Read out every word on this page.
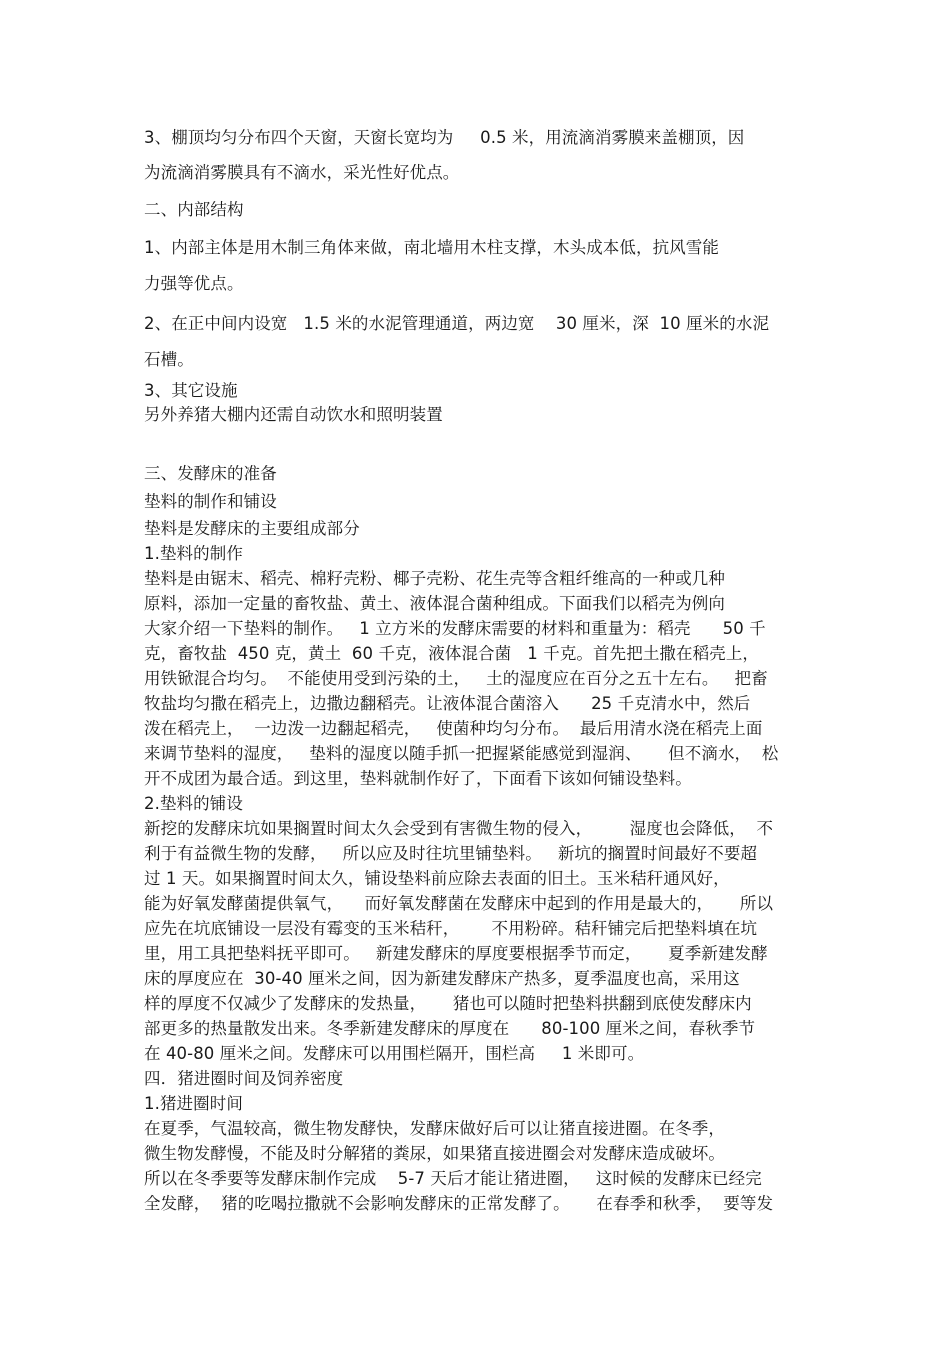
3、棚顶均匀分布四个天窗，天窗长宽均为     0.5 米，用流滴消雾膜来盖棚顶，因
为流滴消雾膜具有不滴水，采光性好优点。
二、内部结构
1、内部主体是用木制三角体来做，南北墙用木柱支撑，木头成本低，抗风雪能
力强等优点。
2、在正中间内设宽   1.5 米的水泥管理通道，两边宽    30 厘米，深  10 厘米的水泥
石槽。
3、其它设施
另外养猪大棚内还需自动饮水和照明装置
三、发酵床的准备
垫料的制作和铺设
垫料是发酵床的主要组成部分
1.垫料的制作
垫料是由锯末、稻壳、棉籽壳粉、椰子壳粉、花生壳等含粗纤维高的一种或几种
原料，添加一定量的畜牧盐、黄土、液体混合菌种组成。下面我们以稻壳为例向
大家介绍一下垫料的制作。   1 立方米的发酵床需要的材料和重量为：稻壳      50 千
克，畜牧盐  450 克，黄土  60 千克，液体混合菌   1 千克。首先把土撒在稻壳上，
用铁锨混合均匀。  不能使用受到污染的土，   土的湿度应在百分之五十左右。   把畜
牧盐均匀撒在稻壳上，边撒边翻稻壳。让液体混合菌溶入      25 千克清水中，然后
泼在稻壳上，  一边泼一边翻起稻壳，   使菌种均匀分布。  最后用清水浇在稻壳上面
来调节垫料的湿度，   垫料的湿度以随手抓一把握紧能感觉到湿润、     但不滴水，  松
开不成团为最合适。到这里，垫料就制作好了，下面看下该如何铺设垫料。
2.垫料的铺设
新挖的发酵床坑如果搁置时间太久会受到有害微生物的侵入，       湿度也会降低，  不
利于有益微生物的发酵，   所以应及时往坑里铺垫料。   新坑的搁置时间最好不要超
过 1 天。如果搁置时间太久，铺设垫料前应除去表面的旧土。玉米秸秆通风好，
能为好氧发酵菌提供氧气，    而好氧发酵菌在发酵床中起到的作用是最大的，     所以
应先在坑底铺设一层没有霉变的玉米秸秆，      不用粉碎。秸秆铺完后把垫料填在坑
里，用工具把垫料抚平即可。   新建发酵床的厚度要根据季节而定，     夏季新建发酵
床的厚度应在  30-40 厘米之间，因为新建发酵床产热多，夏季温度也高，采用这
样的厚度不仅减少了发酵床的发热量，     猪也可以随时把垫料拱翻到底使发酵床内
部更多的热量散发出来。冬季新建发酵床的厚度在      80-100 厘米之间，春秋季节
在 40-80 厘米之间。发酵床可以用围栏隔开，围栏高     1 米即可。
四．猪进圈时间及饲养密度
1.猪进圈时间
在夏季，气温较高，微生物发酵快，发酵床做好后可以让猪直接进圈。在冬季，
微生物发酵慢，不能及时分解猪的粪尿，如果猪直接进圈会对发酵床造成破坏。
所以在冬季要等发酵床制作完成    5-7 天后才能让猪进圈，   这时候的发酵床已经完
全发酵，  猪的吃喝拉撒就不会影响发酵床的正常发酵了。     在春季和秋季，  要等发
